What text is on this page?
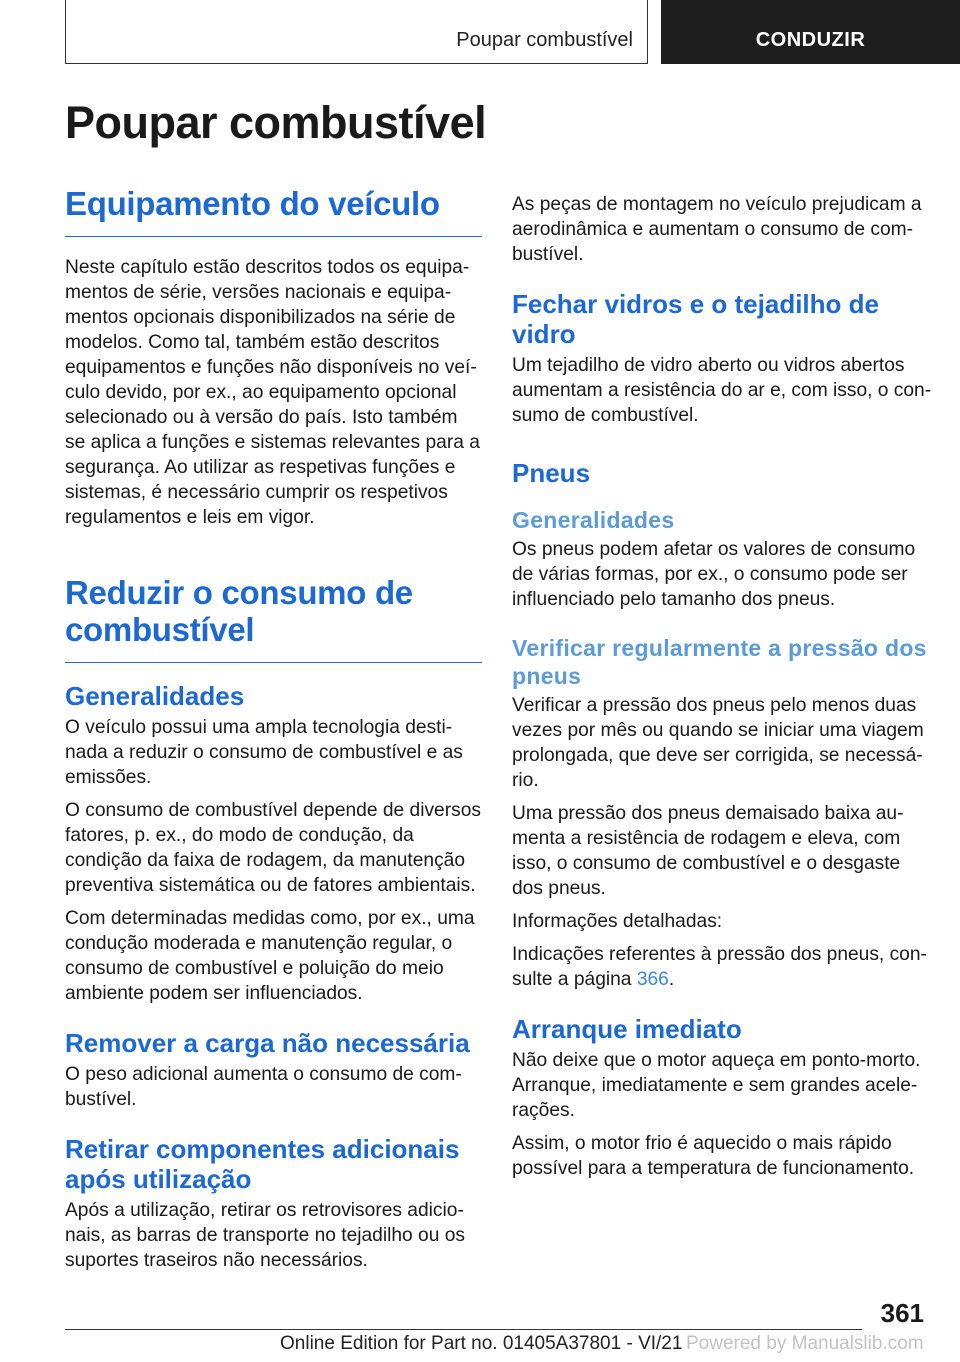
Poupar combustível	CONDUZIR
Poupar combustível
Equipamento do veículo

Neste capítulo estão descritos todos os equipamentos de série, versões nacionais e equipamentos opcionais disponibilizados na série de modelos. Como tal, também estão descritos equipamentos e funções não disponíveis no veículo devido, por ex., ao equipamento opcional selecionado ou à versão do país. Isto também se aplica a funções e sistemas relevantes para a segurança. Ao utilizar as respetivas funções e sistemas, é necessário cumprir os respetivos regulamentos e leis em vigor.

Reduzir o consumo de combustível
Generalidades

O veículo possui uma ampla tecnologia destinada a reduzir o consumo de combustível e as emissões.

O consumo de combustível depende de diversos fatores, p. ex., do modo de condução, da condição da faixa de rodagem, da manutenção preventiva sistemática ou de fatores ambientais.

Com determinadas medidas como, por ex., uma condução moderada e manutenção regular, o consumo de combustível e poluição do meio ambiente podem ser influenciados.

Remover a carga não necessária

O peso adicional aumenta o consumo de combustível.

Retirar componentes adicionais após utilização

Após a utilização, retirar os retrovisores adicionais, as barras de transporte no tejadilho ou os suportes traseiros não necessários.

As peças de montagem no veículo prejudicam a aerodinâmica e aumentam o consumo de combustível.

Fechar vidros e o tejadilho de vidro

Um tejadilho de vidro aberto ou vidros abertos aumentam a resistência do ar e, com isso, o consumo de combustível.

Pneus
Generalidades

Os pneus podem afetar os valores de consumo de várias formas, por ex., o consumo pode ser influenciado pelo tamanho dos pneus.

Verificar regularmente a pressão dos pneus

Verificar a pressão dos pneus pelo menos duas vezes por mês ou quando se iniciar uma viagem prolongada, que deve ser corrigida, se necessário.

Uma pressão dos pneus demaisado baixa aumenta a resistência de rodagem e eleva, com isso, o consumo de combustível e o desgaste dos pneus.

Informações detalhadas:

Indicações referentes à pressão dos pneus, consulte a página 366.

Arranque imediato

Não deixe que o motor aqueça em ponto-morto. Arranque, imediatamente e sem grandes acelerações.

Assim, o motor frio é aquecido o mais rápido possível para a temperatura de funcionamento.

361
Online Edition for Part no. 01405A37801 - VI/21 Powered by Manualslib.com
